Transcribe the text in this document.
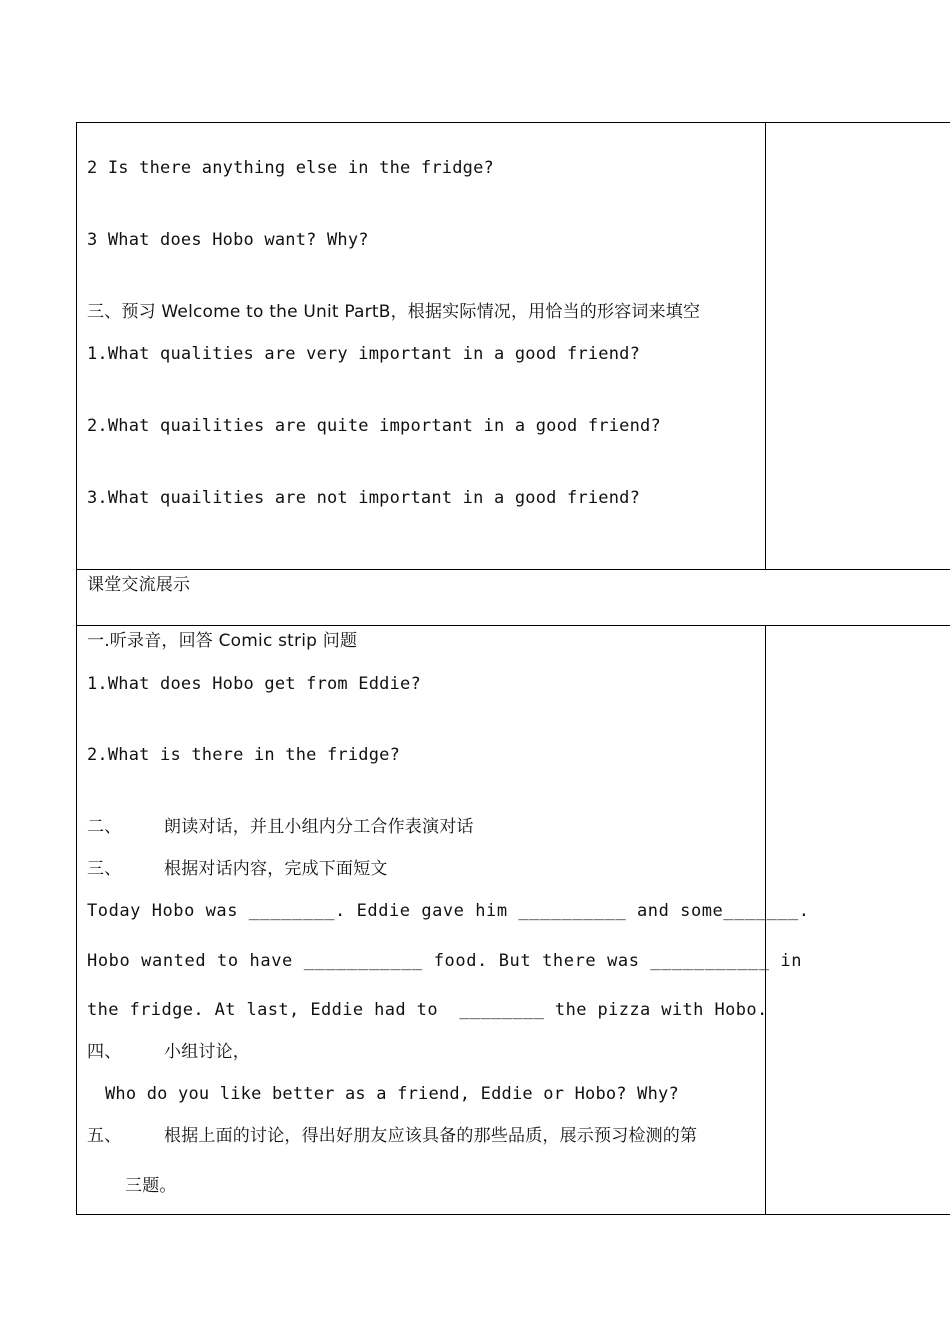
2 Is there anything else in the fridge?
3 What does Hobo want? Why?
三、预习 Welcome to the Unit PartB，根据实际情况，用恰当的形容词来填空
1.What qualities are very important in a good friend?
2.What quailities are quite important in a good friend?
3.What quailities are not important in a good friend?
课堂交流展示
一.听录音，回答 Comic strip 问题
1.What does Hobo get from Eddie?
2.What is there in the fridge?
二、	朗读对话，并且小组内分工合作表演对话
三、	根据对话内容，完成下面短文
Today Hobo was ________. Eddie gave him __________ and some_______.
Hobo wanted to have ___________ food. But there was ___________ in
the fridge. At last, Eddie had to  ________ the pizza with Hobo.
四、	小组讨论，
Who do you like better as a friend, Eddie or Hobo? Why?
五、	根据上面的讨论，得出好朋友应该具备的那些品质，展示预习检测的第
三题。
